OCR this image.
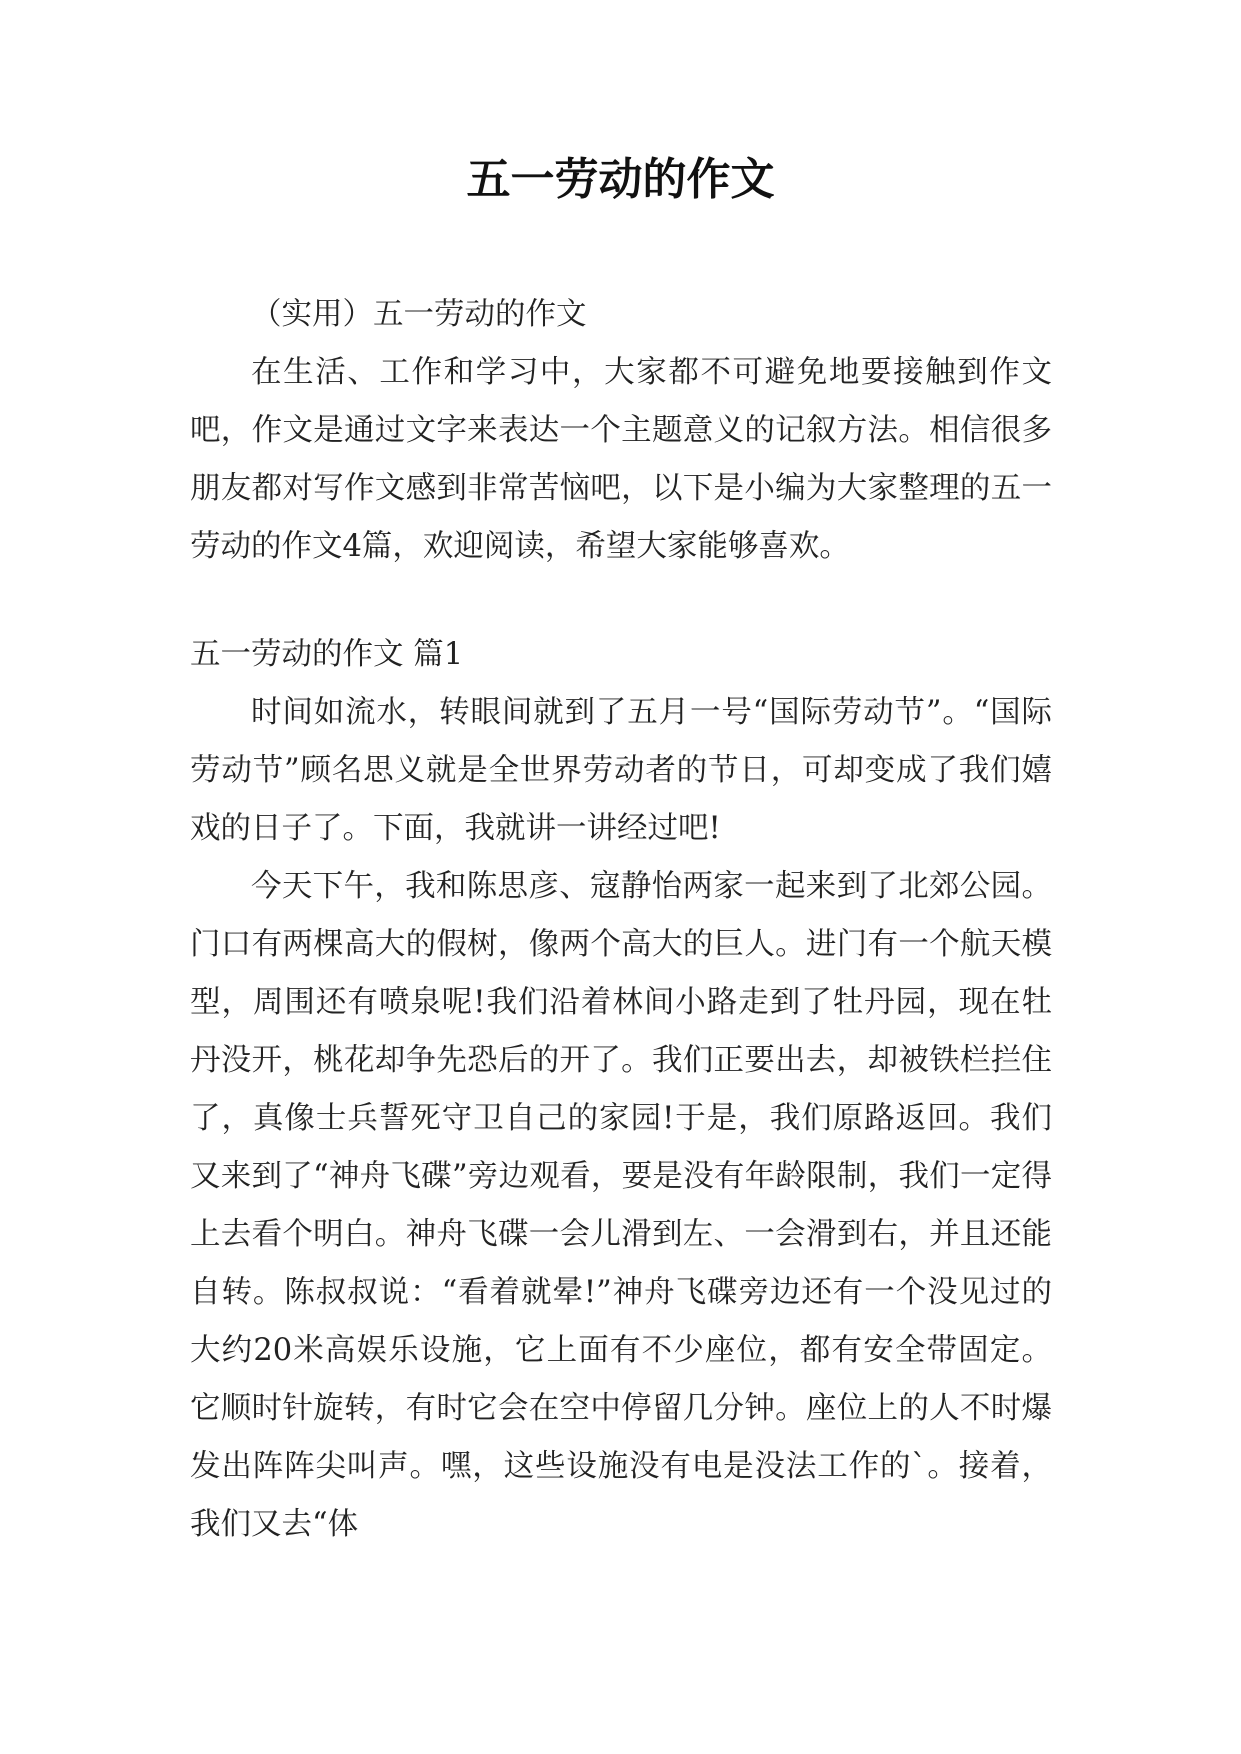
五一劳动的作文

（实用）五一劳动的作文

在生活、工作和学习中，大家都不可避免地要接触到作文吧，作文是通过文字来表达一个主题意义的记叙方法。相信很多朋友都对写作文感到非常苦恼吧，以下是小编为大家整理的五一劳动的作文4篇，欢迎阅读，希望大家能够喜欢。

五一劳动的作文 篇1

时间如流水，转眼间就到了五月一号“国际劳动节”。“国际劳动节”顾名思义就是全世界劳动者的节日，可却变成了我们嬉戏的日子了。下面，我就讲一讲经过吧!

今天下午，我和陈思彦、寇静怡两家一起来到了北郊公园。门口有两棵高大的假树，像两个高大的巨人。进门有一个航天模型，周围还有喷泉呢!我们沿着林间小路走到了牡丹园，现在牡丹没开，桃花却争先恐后的开了。我们正要出去，却被铁栏拦住了，真像士兵誓死守卫自己的家园!于是，我们原路返回。我们又来到了“神舟飞碟”旁边观看，要是没有年龄限制，我们一定得上去看个明白。神舟飞碟一会儿滑到左、一会滑到右，并且还能自转。陈叔叔说：“看着就晕!”神舟飞碟旁边还有一个没见过的大约20米高娱乐设施，它上面有不少座位，都有安全带固定。它顺时针旋转，有时它会在空中停留几分钟。座位上的人不时爆发出阵阵尖叫声。嘿，这些设施没有电是没法工作的`。接着，我们又去“体
